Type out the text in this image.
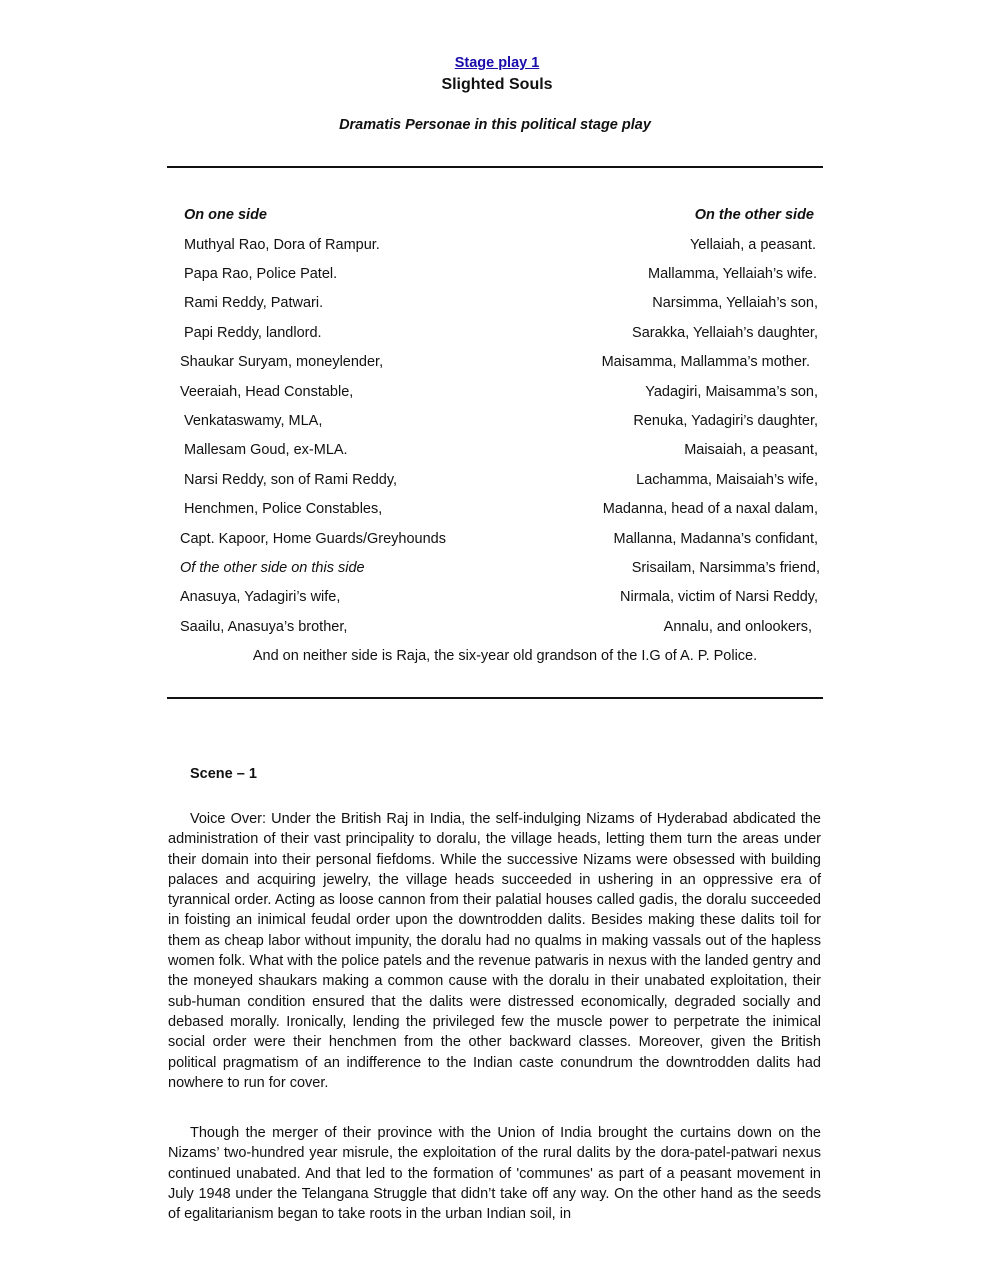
Stage play 1
Slighted Souls
Dramatis Personae in this political stage play
On one side	On the other side
Muthyal Rao, Dora of Rampur.	Yellaiah, a peasant.
Papa Rao, Police Patel.	Mallamma, Yellaiah’s wife.
Rami Reddy, Patwari.	Narsimma, Yellaiah’s son,
Papi Reddy, landlord.	Sarakka, Yellaiah’s daughter,
Shaukar Suryam, moneylender,	Maisamma, Mallamma’s mother.
Veeraiah, Head Constable,	Yadagiri, Maisamma’s son,
Venkataswamy, MLA,	Renuka, Yadagiri’s daughter,
Mallesam Goud, ex-MLA.	Maisaiah, a peasant,
Narsi Reddy, son of Rami Reddy,	Lachamma, Maisaiah’s wife,
Henchmen, Police Constables,	Madanna, head of a naxal dalam,
Capt. Kapoor, Home Guards/Greyhounds	Mallanna, Madanna’s confidant,
Of the other side on this side	Srisailam, Narsimma’s friend,
Anasuya, Yadagiri’s wife,	Nirmala, victim of Narsi Reddy,
Saailu, Anasuya’s brother,	Annalu, and onlookers,
And on neither side is Raja, the six-year old grandson of the I.G of A. P. Police.
Scene – 1

Voice Over: Under the British Raj in India, the self-indulging Nizams of Hyderabad abdicated the administration of their vast principality to doralu, the village heads, letting them turn the areas under their domain into their personal fiefdoms. While the successive Nizams were obsessed with building palaces and acquiring jewelry, the village heads succeeded in ushering in an oppressive era of tyrannical order. Acting as loose cannon from their palatial houses called gadis, the doralu succeeded in foisting an inimical feudal order upon the downtrodden dalits. Besides making these dalits toil for them as cheap labor without impunity, the doralu had no qualms in making vassals out of the hapless women folk. What with the police patels and the revenue patwaris in nexus with the landed gentry and the moneyed shaukars making a common cause with the doralu in their unabated exploitation, their sub-human condition ensured that the dalits were distressed economically, degraded socially and debased morally. Ironically, lending the privileged few the muscle power to perpetrate the inimical social order were their henchmen from the other backward classes. Moreover, given the British political pragmatism of an indifference to the Indian caste conundrum the downtrodden dalits had nowhere to run for cover.

Though the merger of their province with the Union of India brought the curtains down on the Nizams’ two-hundred year misrule, the exploitation of the rural dalits by the dora-patel-patwari nexus continued unabated. And that led to the formation of 'communes' as part of a peasant movement in July 1948 under the Telangana Struggle that didn’t take off any way. On the other hand as the seeds of egalitarianism began to take roots in the urban Indian soil, in
